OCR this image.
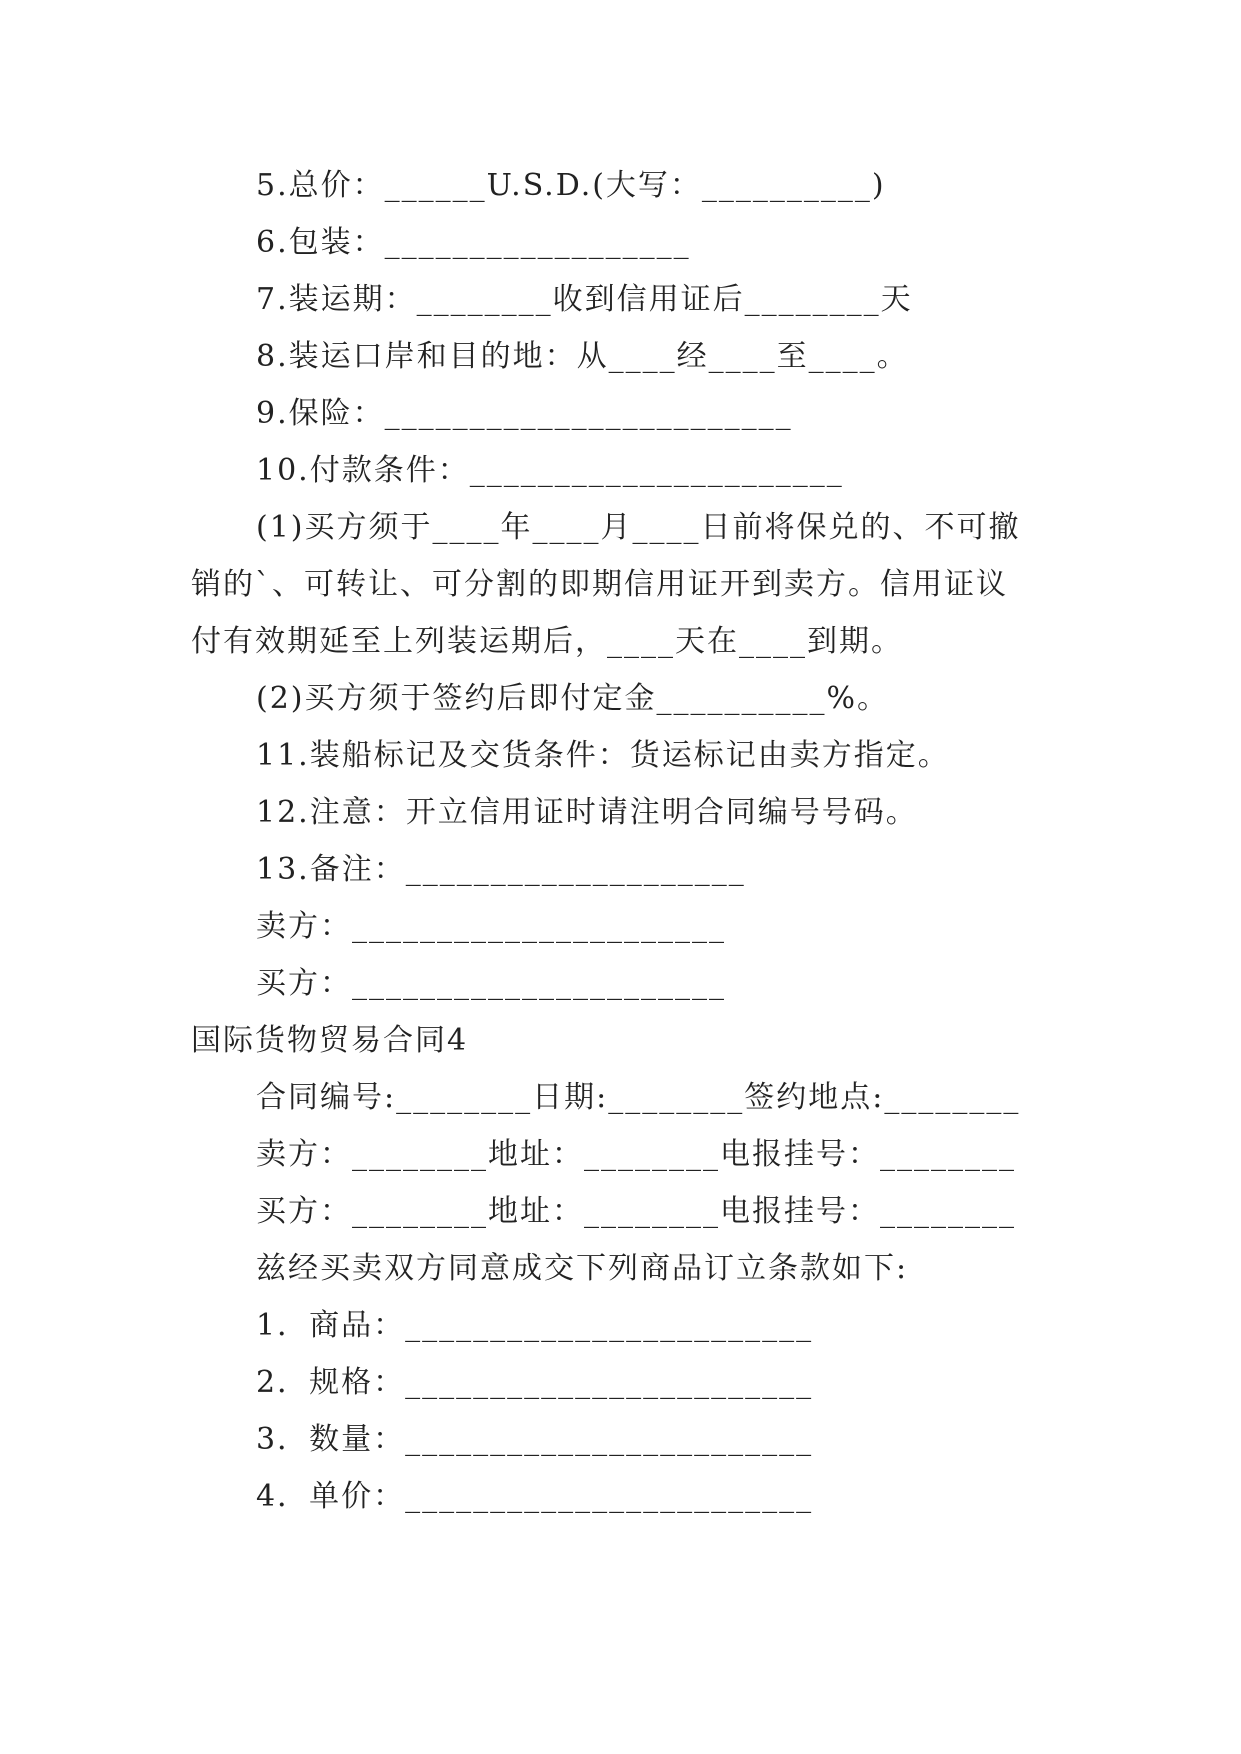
5.总价：______U.S.D.(大写：__________)
6.包装：__________________
7.装运期：________收到信用证后________天
8.装运口岸和目的地：从____经____至____。
9.保险：________________________
10.付款条件：______________________
(1)买方须于____年____月____日前将保兑的、不可撤
销的`、可转让、可分割的即期信用证开到卖方。信用证议
付有效期延至上列装运期后，____天在____到期。
(2)买方须于签约后即付定金__________%。
11.装船标记及交货条件：货运标记由卖方指定。
12.注意：开立信用证时请注明合同编号号码。
13.备注：____________________
卖方：______________________
买方：______________________
国际货物贸易合同4
合同编号:________日期:________签约地点:________
卖方：________地址：________电报挂号：________
买方：________地址：________电报挂号：________
兹经买卖双方同意成交下列商品订立条款如下:
1．商品：________________________
2．规格：________________________
3．数量：________________________
4．单价：________________________
